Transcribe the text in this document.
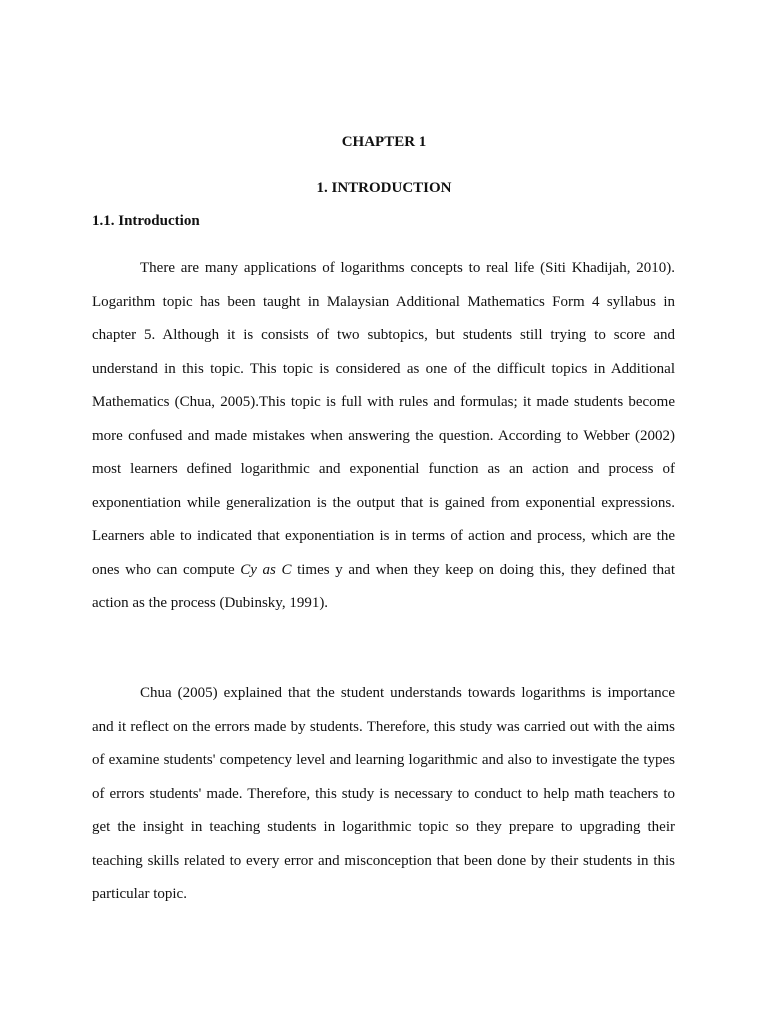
CHAPTER 1
1. INTRODUCTION
1.1. Introduction

There are many applications of logarithms concepts to real life (Siti Khadijah, 2010). Logarithm topic has been taught in Malaysian Additional Mathematics Form 4 syllabus in chapter 5. Although it is consists of two subtopics, but students still trying to score and understand in this topic. This topic is considered as one of the difficult topics in Additional Mathematics (Chua, 2005).This topic is full with rules and formulas; it made students become more confused and made mistakes when answering the question. According to Webber (2002) most learners defined logarithmic and exponential function as an action and process of exponentiation while generalization is the output that is gained from exponential expressions. Learners able to indicated that exponentiation is in terms of action and process, which are the ones who can compute Cy as C times y and when they keep on doing this, they defined that action as the process (Dubinsky, 1991).

Chua (2005) explained that the student understands towards logarithms is importance and it reflect on the errors made by students. Therefore, this study was carried out with the aims of examine students' competency level and learning logarithmic and also to investigate the types of errors students' made. Therefore, this study is necessary to conduct to help math teachers to get the insight in teaching students in logarithmic topic so they prepare to upgrading their teaching skills related to every error and misconception that been done by their students in this particular topic.
